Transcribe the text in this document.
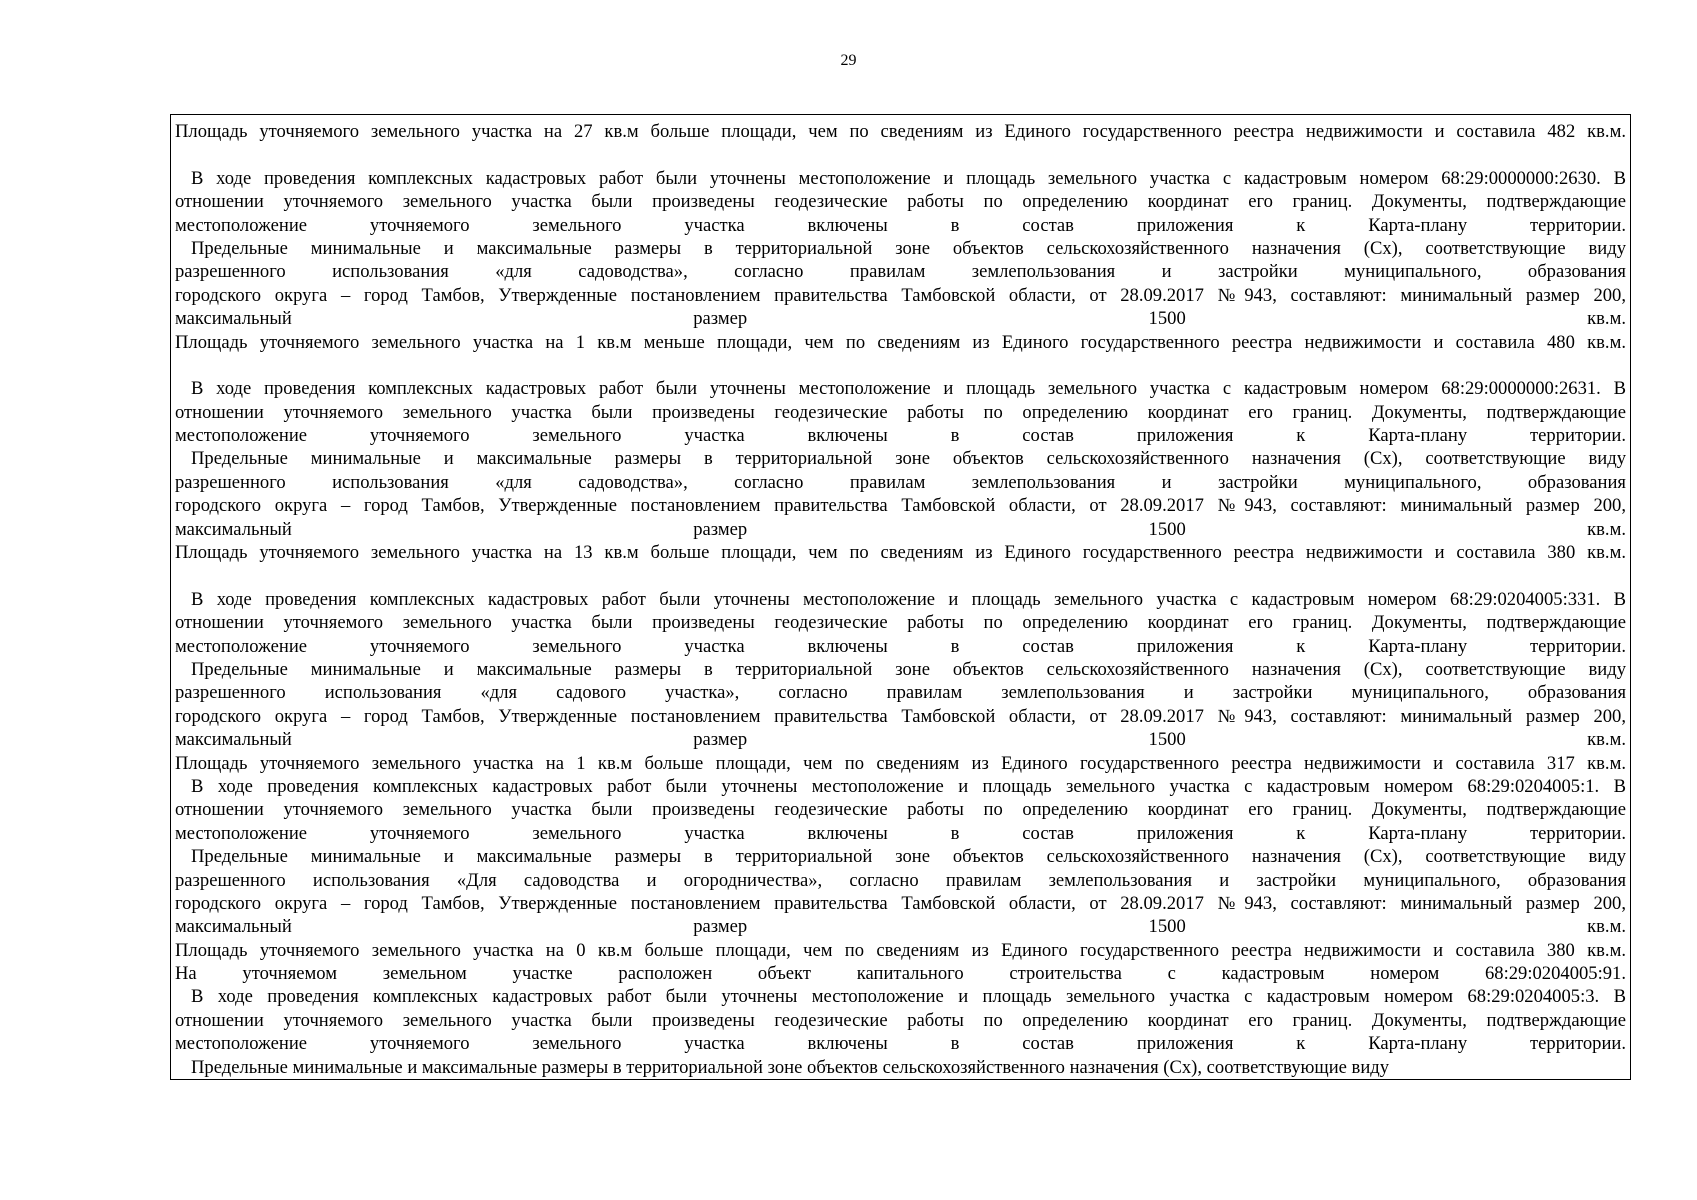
29
Площадь уточняемого земельного участка на 27 кв.м больше площади, чем по сведениям из Единого государственного реестра недвижимости и составила 482 кв.м.
В ходе проведения комплексных кадастровых работ были уточнены местоположение и площадь земельного участка с кадастровым номером 68:29:0000000:2630. В
отношении уточняемого земельного участка были произведены геодезические работы по определению координат его границ. Документы, подтверждающие
местоположение уточняемого земельного участка включены в состав приложения к Карта-плану территории.
Предельные минимальные и максимальные размеры в территориальной зоне объектов сельскохозяйственного назначения (Сх), соответствующие виду
разрешенного использования «для садоводства», согласно правилам землепользования и застройки муниципального, образования
городского округа – город Тамбов, Утвержденные постановлением правительства Тамбовской области, от 28.09.2017 №943, составляют: минимальный размер 200,
максимальный размер 1500 кв.м.
Площадь уточняемого земельного участка на 1 кв.м меньше площади, чем по сведениям из Единого государственного реестра недвижимости и составила 480 кв.м.
В ходе проведения комплексных кадастровых работ были уточнены местоположение и площадь земельного участка с кадастровым номером 68:29:0000000:2631. В
отношении уточняемого земельного участка были произведены геодезические работы по определению координат его границ. Документы, подтверждающие
местоположение уточняемого земельного участка включены в состав приложения к Карта-плану территории.
Предельные минимальные и максимальные размеры в территориальной зоне объектов сельскохозяйственного назначения (Сх), соответствующие виду
разрешенного использования «для садоводства», согласно правилам землепользования и застройки муниципального, образования
городского округа – город Тамбов, Утвержденные постановлением правительства Тамбовской области, от 28.09.2017 №943, составляют: минимальный размер 200,
максимальный размер 1500 кв.м.
Площадь уточняемого земельного участка на 13 кв.м больше площади, чем по сведениям из Единого государственного реестра недвижимости и составила 380 кв.м.
В ходе проведения комплексных кадастровых работ были уточнены местоположение и площадь земельного участка с кадастровым номером 68:29:0204005:331. В
отношении уточняемого земельного участка были произведены геодезические работы по определению координат его границ. Документы, подтверждающие
местоположение уточняемого земельного участка включены в состав приложения к Карта-плану территории.
Предельные минимальные и максимальные размеры в территориальной зоне объектов сельскохозяйственного назначения (Сх), соответствующие виду
разрешенного использования «для садового участка», согласно правилам землепользования и застройки муниципального, образования
городского округа – город Тамбов, Утвержденные постановлением правительства Тамбовской области, от 28.09.2017 №943, составляют: минимальный размер 200,
максимальный размер 1500 кв.м.
Площадь уточняемого земельного участка на 1 кв.м больше площади, чем по сведениям из Единого государственного реестра недвижимости и составила 317 кв.м.
В ходе проведения комплексных кадастровых работ были уточнены местоположение и площадь земельного участка с кадастровым номером 68:29:0204005:1. В
отношении уточняемого земельного участка были произведены геодезические работы по определению координат его границ. Документы, подтверждающие
местоположение уточняемого земельного участка включены в состав приложения к Карта-плану территории.
Предельные минимальные и максимальные размеры в территориальной зоне объектов сельскохозяйственного назначения (Сх), соответствующие виду
разрешенного использования «Для садоводства и огородничества», согласно правилам землепользования и застройки муниципального, образования
городского округа – город Тамбов, Утвержденные постановлением правительства Тамбовской области, от 28.09.2017 №943, составляют: минимальный размер 200,
максимальный размер 1500 кв.м.
Площадь уточняемого земельного участка на 0 кв.м больше площади, чем по сведениям из Единого государственного реестра недвижимости и составила 380 кв.м.
На уточняемом земельном участке расположен объект капитального строительства с кадастровым номером 68:29:0204005:91.
В ходе проведения комплексных кадастровых работ были уточнены местоположение и площадь земельного участка с кадастровым номером 68:29:0204005:3. В
отношении уточняемого земельного участка были произведены геодезические работы по определению координат его границ. Документы, подтверждающие
местоположение уточняемого земельного участка включены в состав приложения к Карта-плану территории.
Предельные минимальные и максимальные размеры в территориальной зоне объектов сельскохозяйственного назначения (Сх), соответствующие виду
